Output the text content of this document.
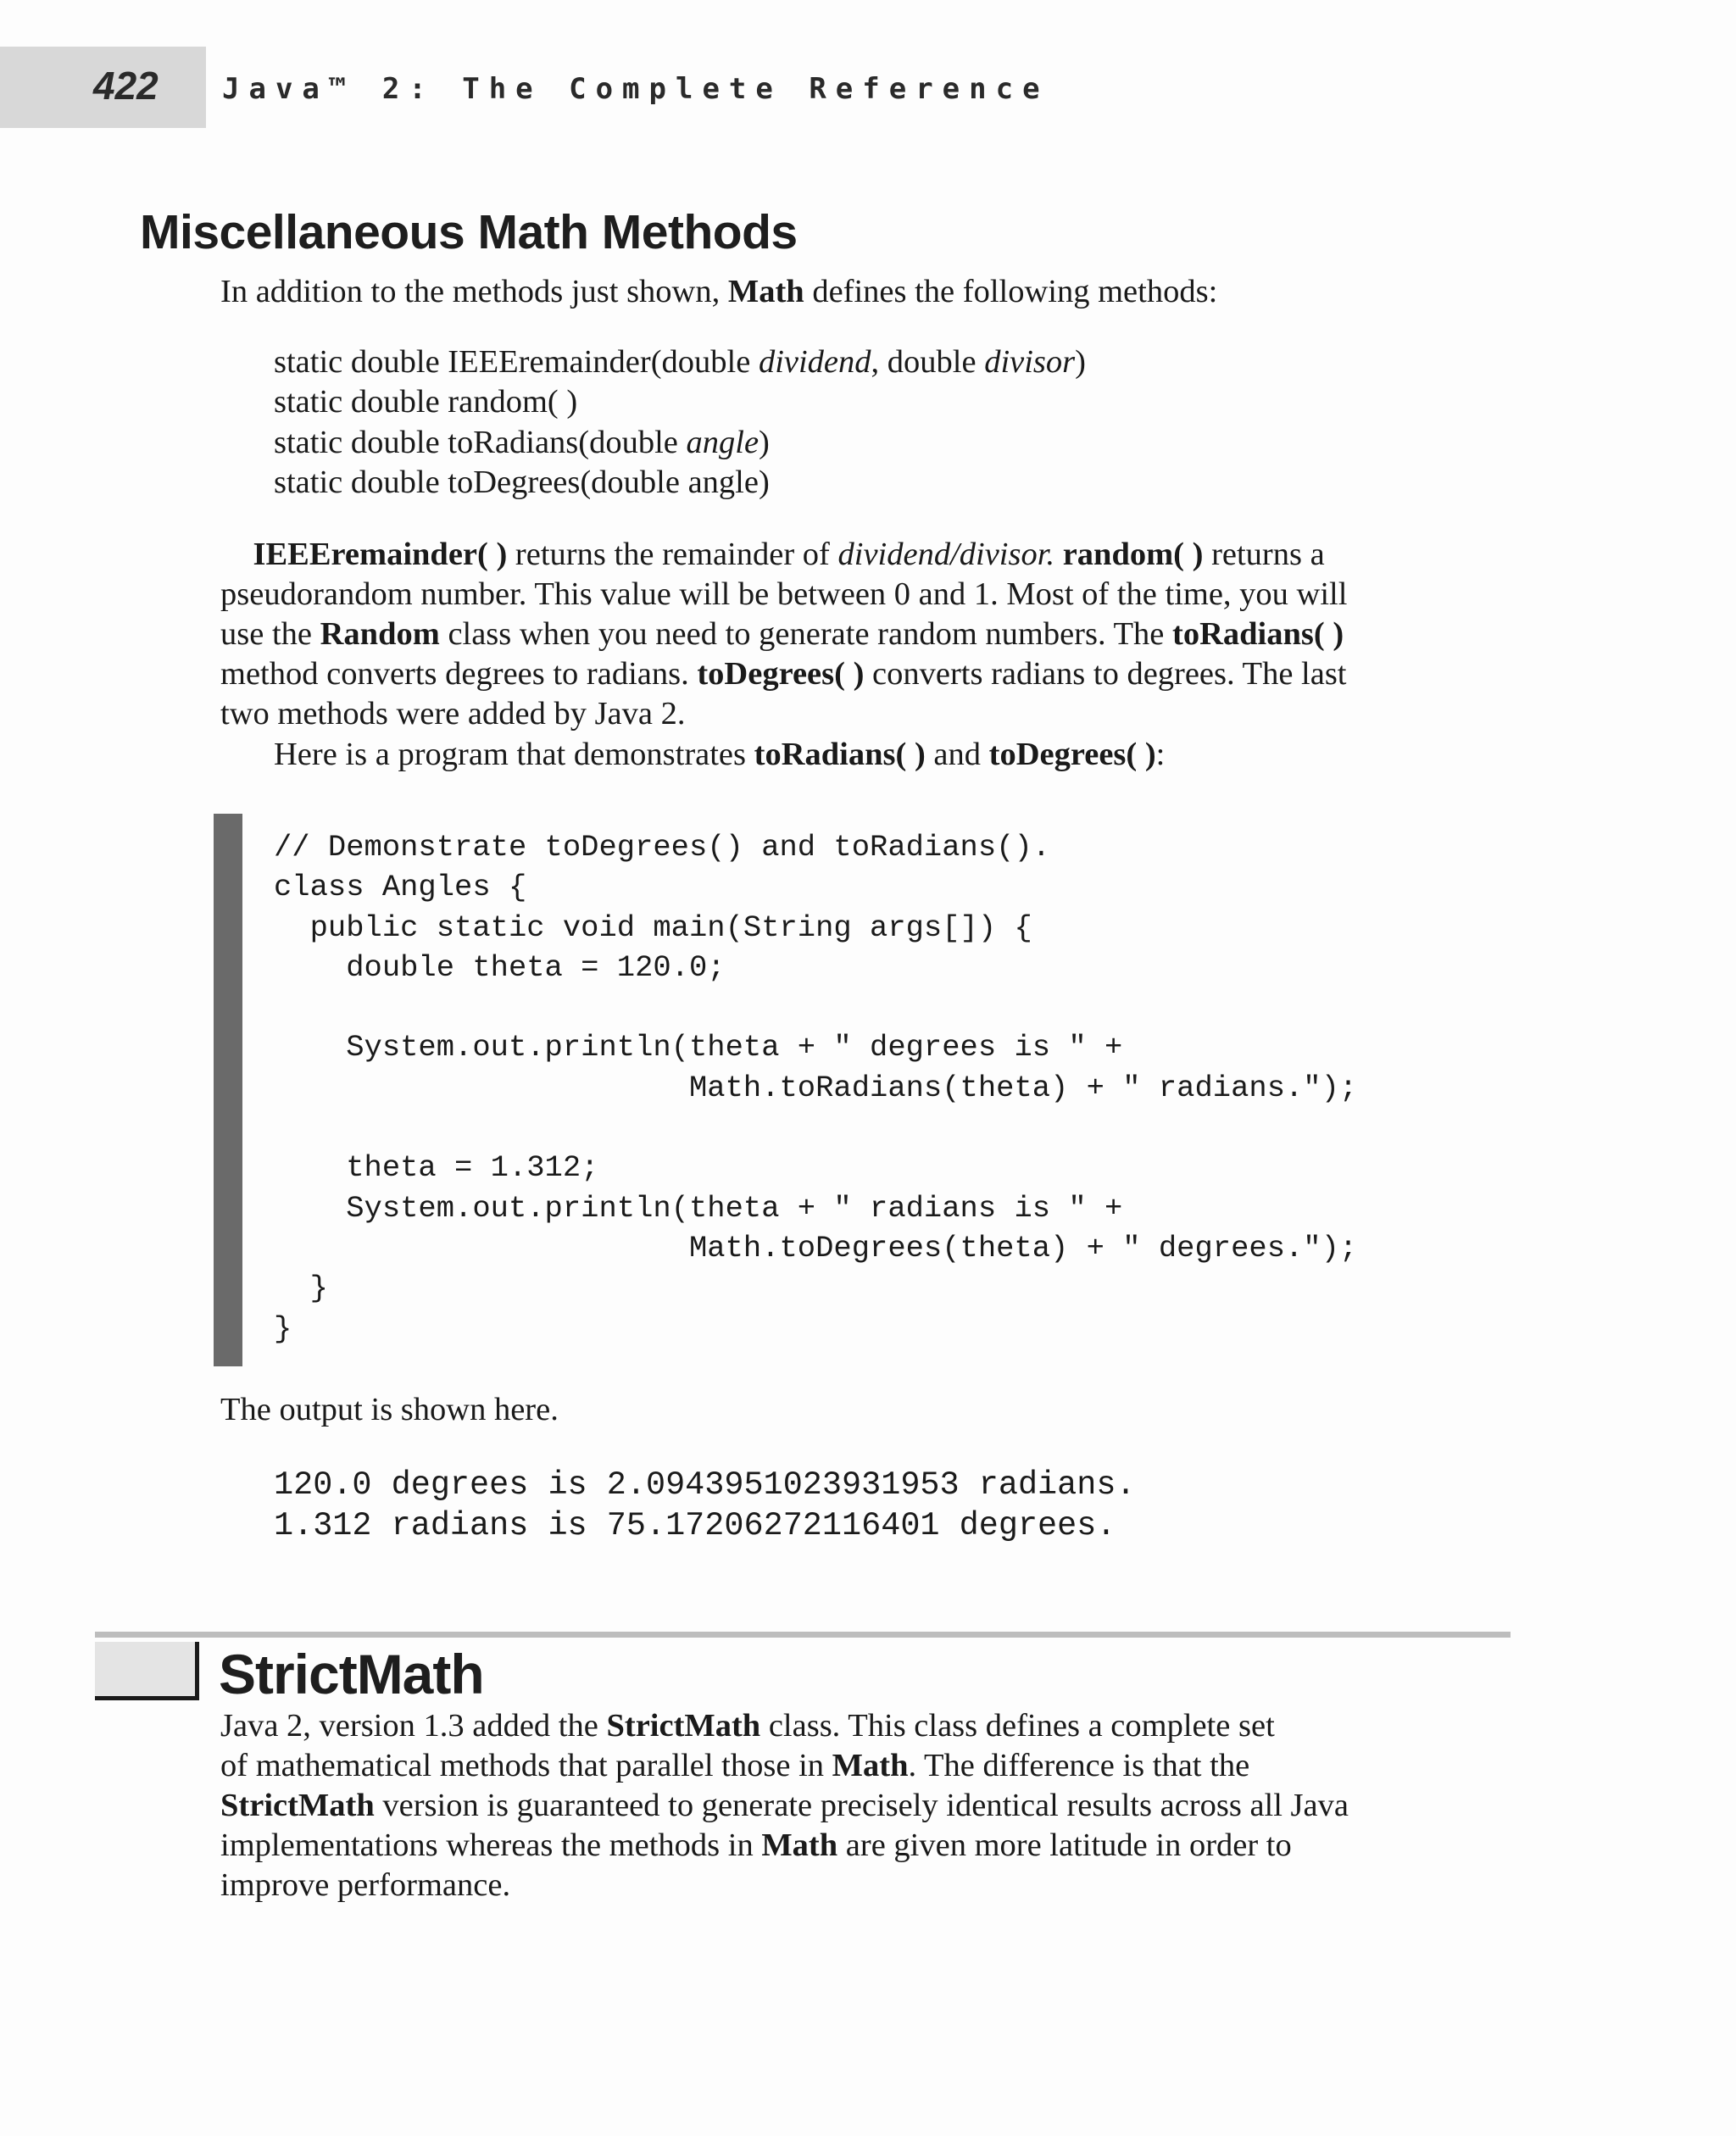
422 Java™ 2: The Complete Reference
Miscellaneous Math Methods

In addition to the methods just shown, Math defines the following methods:

static double IEEEremainder(double dividend, double divisor)
static double random( )
static double toRadians(double angle)
static double toDegrees(double angle)

IEEEremainder( ) returns the remainder of dividend/divisor. random( ) returns a

pseudorandom number. This value will be between 0 and 1. Most of the time, you will
use the Random class when you need to generate random numbers. The toRadians( )
method converts degrees to radians. toDegrees( ) converts radians to degrees. The last
two methods were added by Java 2.

Here is a program that demonstrates toRadians( ) and toDegrees( ):

// Demonstrate toDegrees() and toRadians().
class Angles {
public static void main(String args[]) {
double theta = 120.0;

System.out.println(theta + " degrees is " +
Math.toRadians(theta) + " radians.");

theta = 1.312;
System.out.println(theta + " radians is " +
Math.toDegrees(theta) + " degrees.");
}
}

The output is shown here.

120.0 degrees is 2.0943951023931953 radians.
1.312 radians is 75.17206272116401 degrees.
StrictMath

Java 2, version 1.3 added the StrictMath class. This class defines a complete set
of mathematical methods that parallel those in Math. The difference is that the
StrictMath version is guaranteed to generate precisely identical results across all Java
implementations whereas the methods in Math are given more latitude in order to
improve performance.
